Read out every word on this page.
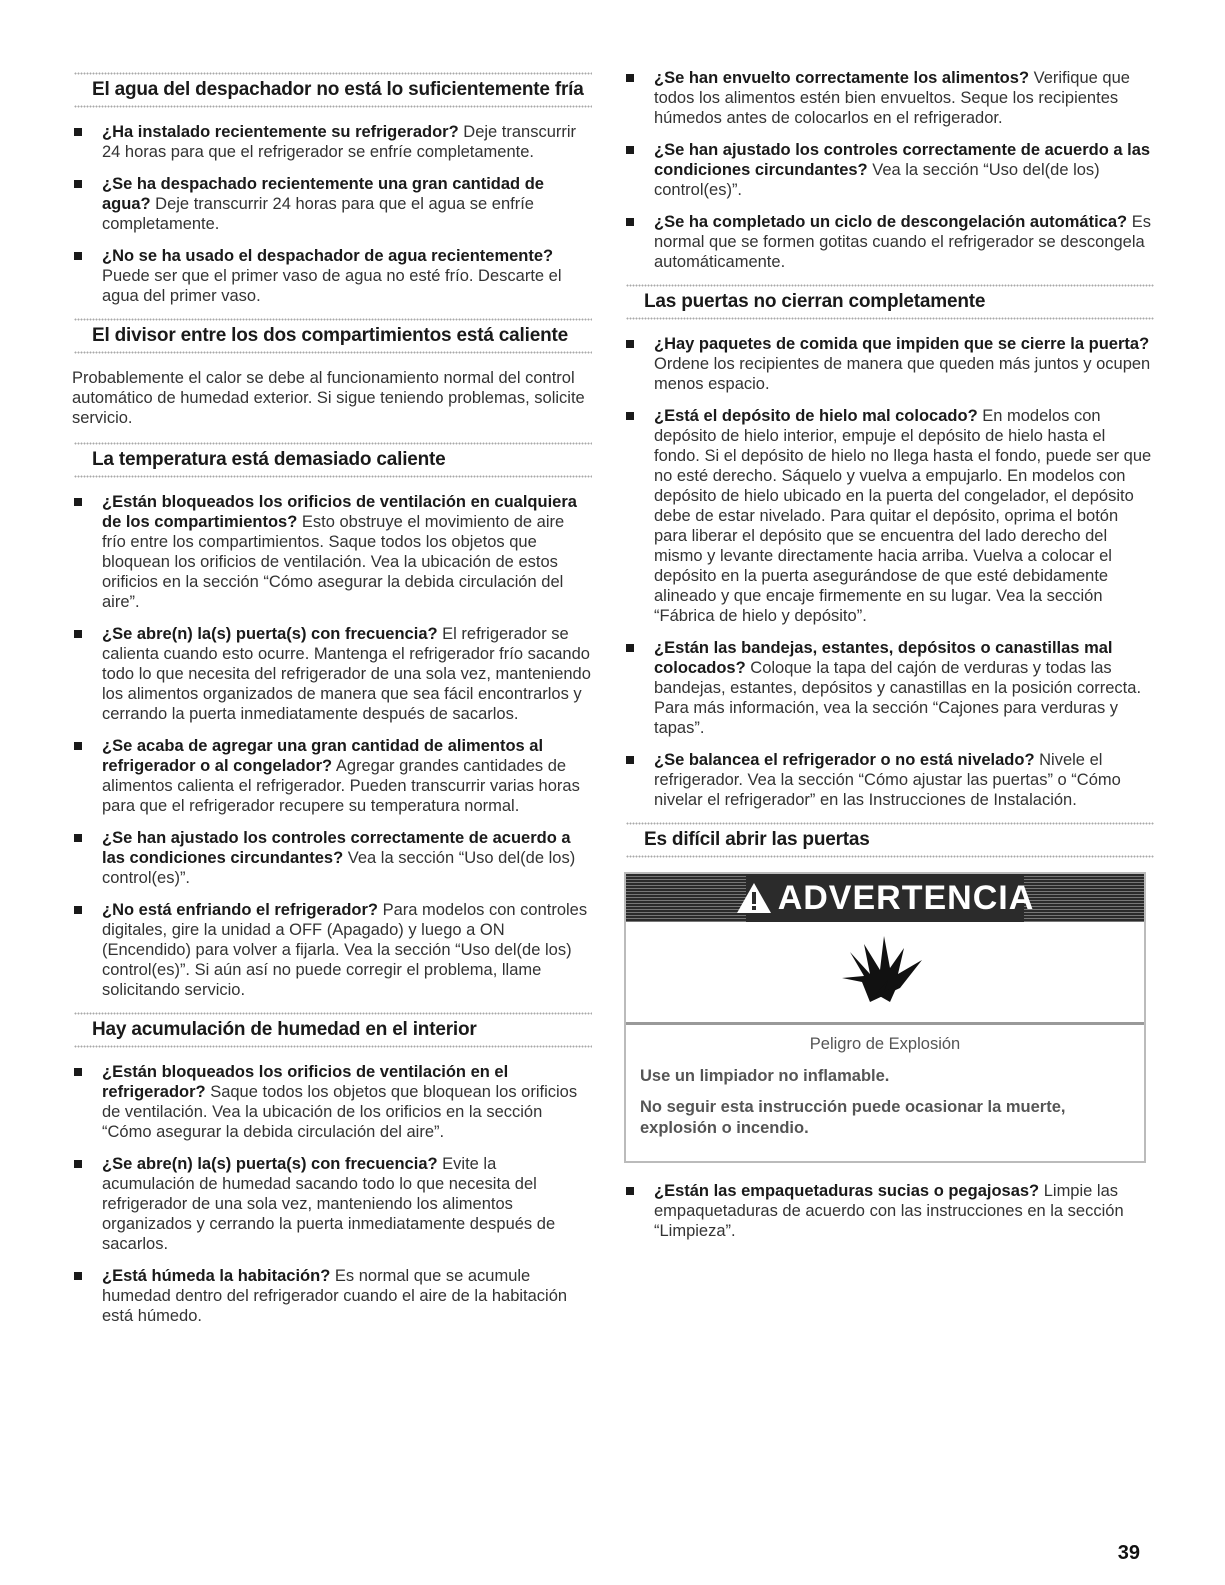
El agua del despachador no está lo suficientemente fría
¿Ha instalado recientemente su refrigerador? Deje transcurrir 24 horas para que el refrigerador se enfríe completamente.
¿Se ha despachado recientemente una gran cantidad de agua? Deje transcurrir 24 horas para que el agua se enfríe completamente.
¿No se ha usado el despachador de agua recientemente? Puede ser que el primer vaso de agua no esté frío. Descarte el agua del primer vaso.
El divisor entre los dos compartimientos está caliente

Probablemente el calor se debe al funcionamiento normal del control automático de humedad exterior. Si sigue teniendo problemas, solicite servicio.

La temperatura está demasiado caliente
¿Están bloqueados los orificios de ventilación en cualquiera de los compartimientos? Esto obstruye el movimiento de aire frío entre los compartimientos. Saque todos los objetos que bloquean los orificios de ventilación. Vea la ubicación de estos orificios en la sección “Cómo asegurar la debida circulación del aire”.
¿Se abre(n) la(s) puerta(s) con frecuencia? El refrigerador se calienta cuando esto ocurre. Mantenga el refrigerador frío sacando todo lo que necesita del refrigerador de una sola vez, manteniendo los alimentos organizados de manera que sea fácil encontrarlos y cerrando la puerta inmediatamente después de sacarlos.
¿Se acaba de agregar una gran cantidad de alimentos al refrigerador o al congelador? Agregar grandes cantidades de alimentos calienta el refrigerador. Pueden transcurrir varias horas para que el refrigerador recupere su temperatura normal.
¿Se han ajustado los controles correctamente de acuerdo a las condiciones circundantes? Vea la sección “Uso del(de los) control(es)”.
¿No está enfriando el refrigerador? Para modelos con controles digitales, gire la unidad a OFF (Apagado) y luego a ON (Encendido) para volver a fijarla. Vea la sección “Uso del(de los) control(es)”. Si aún así no puede corregir el problema, llame solicitando servicio.
Hay acumulación de humedad en el interior
¿Están bloqueados los orificios de ventilación en el refrigerador? Saque todos los objetos que bloquean los orificios de ventilación. Vea la ubicación de los orificios en la sección “Cómo asegurar la debida circulación del aire”.
¿Se abre(n) la(s) puerta(s) con frecuencia? Evite la acumulación de humedad sacando todo lo que necesita del refrigerador de una sola vez, manteniendo los alimentos organizados y cerrando la puerta inmediatamente después de sacarlos.
¿Está húmeda la habitación? Es normal que se acumule humedad dentro del refrigerador cuando el aire de la habitación está húmedo.
¿Se han envuelto correctamente los alimentos? Verifique que todos los alimentos estén bien envueltos. Seque los recipientes húmedos antes de colocarlos en el refrigerador.
¿Se han ajustado los controles correctamente de acuerdo a las condiciones circundantes? Vea la sección “Uso del(de los) control(es)”.
¿Se ha completado un ciclo de descongelación automática? Es normal que se formen gotitas cuando el refrigerador se descongela automáticamente.
Las puertas no cierran completamente
¿Hay paquetes de comida que impiden que se cierre la puerta? Ordene los recipientes de manera que queden más juntos y ocupen menos espacio.
¿Está el depósito de hielo mal colocado? En modelos con depósito de hielo interior, empuje el depósito de hielo hasta el fondo. Si el depósito de hielo no llega hasta el fondo, puede ser que no esté derecho. Sáquelo y vuelva a empujarlo. En modelos con depósito de hielo ubicado en la puerta del congelador, el depósito debe de estar nivelado. Para quitar el depósito, oprima el botón para liberar el depósito que se encuentra del lado derecho del mismo y levante directamente hacia arriba. Vuelva a colocar el depósito en la puerta asegurándose de que esté debidamente alineado y que encaje firmemente en su lugar. Vea la sección “Fábrica de hielo y depósito”.
¿Están las bandejas, estantes, depósitos o canastillas mal colocados? Coloque la tapa del cajón de verduras y todas las bandejas, estantes, depósitos y canastillas en la posición correcta. Para más información, vea la sección “Cajones para verduras y tapas”.
¿Se balancea el refrigerador o no está nivelado? Nivele el refrigerador. Vea la sección “Cómo ajustar las puertas” o “Cómo nivelar el refrigerador” en las Instrucciones de Instalación.
Es difícil abrir las puertas
ADVERTENCIA
Peligro de Explosión
Use un limpiador no inflamable.
No seguir esta instrucción puede ocasionar la muerte, explosión o incendio.
¿Están las empaquetaduras sucias o pegajosas? Limpie las empaquetaduras de acuerdo con las instrucciones en la sección “Limpieza”.
39
